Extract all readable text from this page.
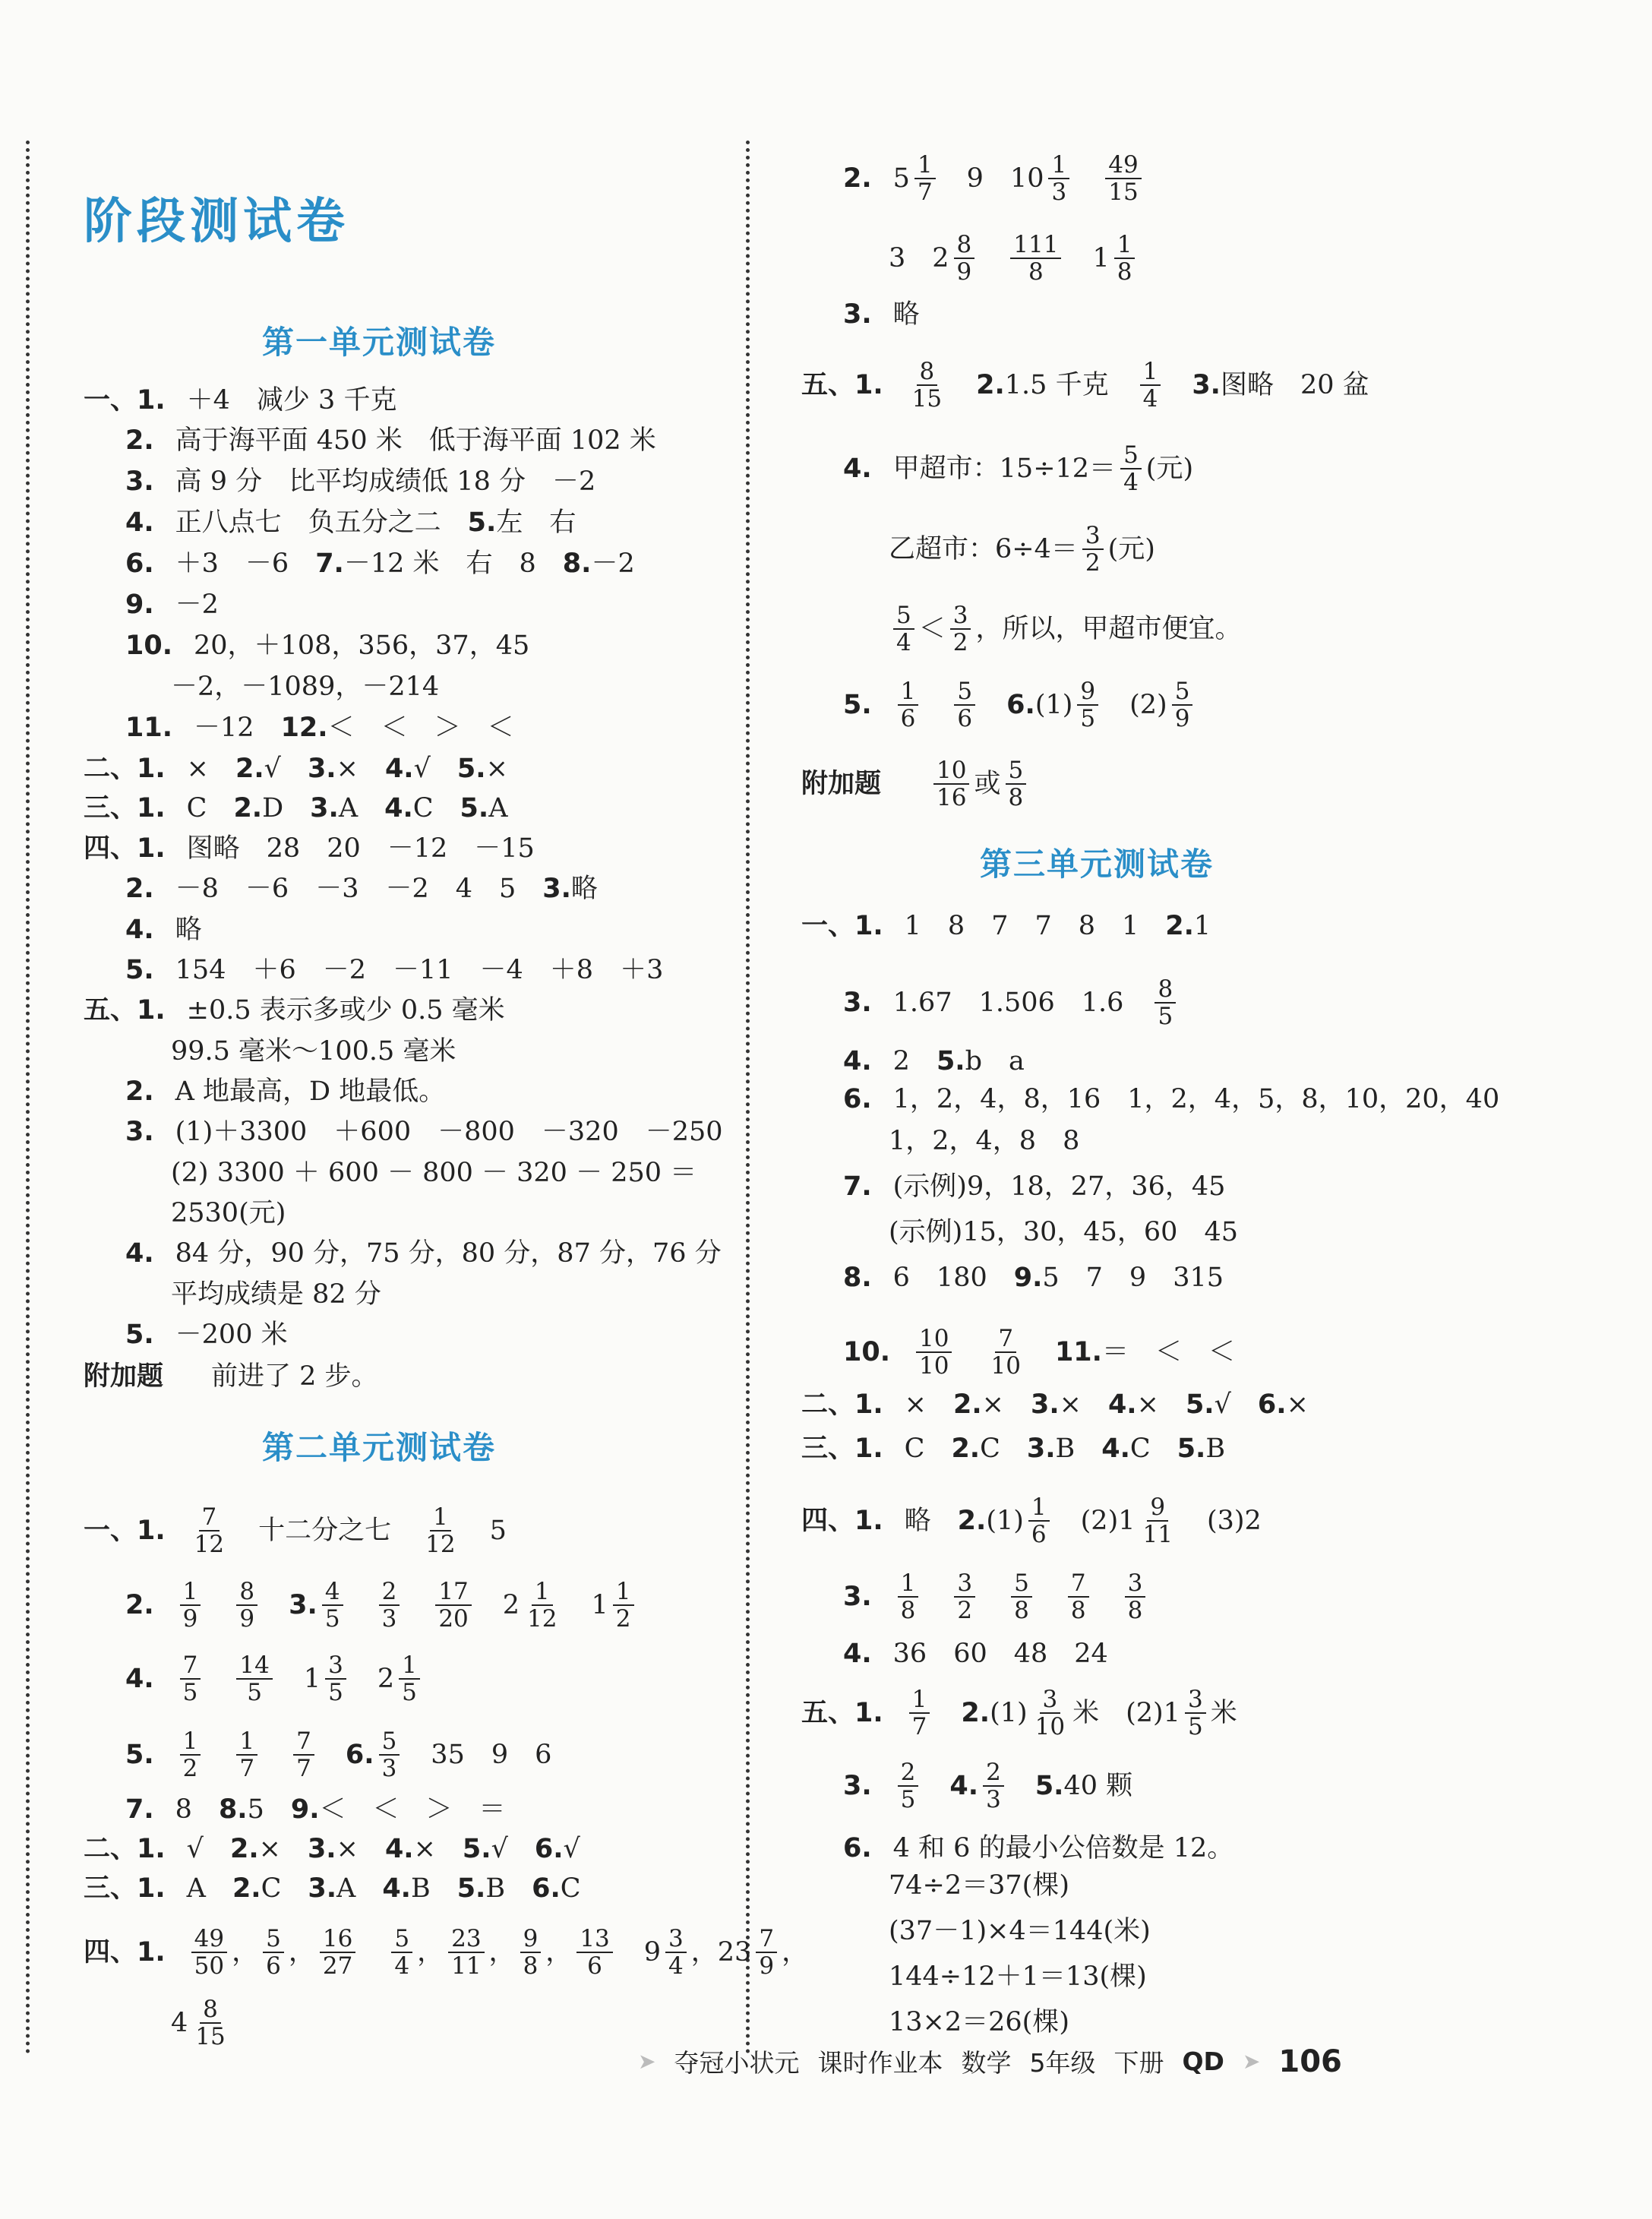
阶段测试卷
第一单元测试卷
第二单元测试卷
第三单元测试卷
一、1. ＋4　减少 3 千克
2. 高于海平面 450 米　低于海平面 102 米
3. 高 9 分　比平均成绩低 18 分　－2
4. 正八点七　负五分之二　 5. 左　右
6. ＋3　－6　 7. －12 米　右　8　 8. －2
9. －2
10. 20，＋108，356，37，45
－2，－1089，－214
11. －12　 12. ＜　＜　＞　＜
二、1. ×　 2. √　 3. ×　 4. √　 5. ×
三、1. C　 2. D　 3. A　 4. C　 5. A
四、1. 图略　28　20　－12　－15
2. －8　－6　－3　－2　4　5　 3. 略
4. 略
5. 154　＋6　－2　－11　－4　＋8　＋3
五、1. ±0.5 表示多或少 0.5 毫米
99.5 毫米～100.5 毫米
2. A 地最高，D 地最低。
3. (1)＋3300　＋600　－800　－320　－250
(2) 3300 ＋ 600 － 800 － 320 － 250 ＝
2530(元)
4. 84 分，90 分，75 分，80 分，87 分，76 分
平均成绩是 82 分
5. －200 米
附加题 　前进了 2 步。
一、1. $\frac{7}{12}$ 　十二分之七　 $\frac{1}{12}$ 　5
2. $\frac{1}{9}$
　 $\frac{8}{9}$
　 3. $\frac{4}{5}$
　 $\frac{2}{3}$
　 $\frac{17}{20}$ 　$2 \frac{1}{12}$ 　$1 \frac{1}{2}$
4. $\frac{7}{5}$
　 $\frac{14}{5}$ 　$1 \frac{3}{5}$ 　$2 \frac{1}{5}$
5. $\frac{1}{2}$
　 $\frac{1}{7}$
　 $\frac{7}{7}$
　 6. $\frac{5}{3}$ 　35　9　6
7. 8　 8. 5　 9. ＜　＜　＞　＝
二、1. √　 2. ×　 3. ×　 4. ×　 5. √　 6. √
三、1. A　 2. C　 3. A　 4. B　 5. B　 6. C
四、1. $\frac{49}{50}$ ， $\frac{5}{6}$ ， $\frac{16}{27}$
　 $\frac{5}{4}$ ， $\frac{23}{11}$ ， $\frac{9}{8}$ ， $\frac{13}{6}$ 　$9 \frac{3}{4}$ ，$23 \frac{7}{9}$ ，
$4 \frac{8}{15}$
2. $5 \frac{1}{7}$ 　9　$10 \frac{1}{3}$
　 $\frac{49}{15}$
3　$2 \frac{8}{9}$
　 $\frac{111}{8}$ 　$1 \frac{1}{8}$
3. 略
五、1. $\frac{8}{15}$
　 2. 1.5 千克　 $\frac{1}{4}$
　 3. 图略　20 盆
4. 甲超市：$15\div 12= \frac{5}{4}$ (元)
乙超市：$6\div 4= \frac{3}{2}$ (元)
$\frac{5}{4} < \frac{3}{2}$ ，所以，甲超市便宜。
5. $\frac{1}{6}$
　 $\frac{5}{6}$
　 6. $(1) \frac{9}{5}$ 　$(2) \frac{5}{9}$
附加题
　 $\frac{10}{16}$ 或 $\frac{5}{8}$
一、1. 1　8　7　7　8　1　 2. 1
3. 1.67　1.506　1.6　 $\frac{8}{5}$
4. 2　 5. b　a
6. 1，2，4，8，16　1，2，4，5，8，10，20，40
1，2，4，8　8
7. (示例)9，18，27，36，45
(示例)15，30，45，60　45
8. 6　180　 9. 5　7　9　315
10. $\frac{10}{10}$
　 $\frac{7}{10}$
　 11. ＝　＜　＜
二、1. ×　 2. ×　 3. ×　 4. ×　 5. √　 6. ×
三、1. C　 2. C　 3. B　 4. C　 5. B
四、1. 略　 2. $(1) \frac{1}{6}$ 　$(2)1 \frac{9}{11}$ 　(3)2
3. $\frac{1}{8}$
　 $\frac{3}{2}$
　 $\frac{5}{8}$
　 $\frac{7}{8}$
　 $\frac{3}{8}$
4. 36　60　48　24
五、1. $\frac{1}{7}$
　 2. $(1) \frac{3}{10}$ 米　$(2)1 \frac{3}{5}$ 米
3. $\frac{2}{5}$
　 4. $\frac{2}{3}$
　 5. 40 颗
6. 4 和 6 的最小公倍数是 12。
74÷2＝37(棵)
(37－1)×4＝144(米)
144÷12＋1＝13(棵)
13×2＝26(棵)
➤ 夺冠小状元 课时作业本 数学 5年级 下册 QD ➤ 106
